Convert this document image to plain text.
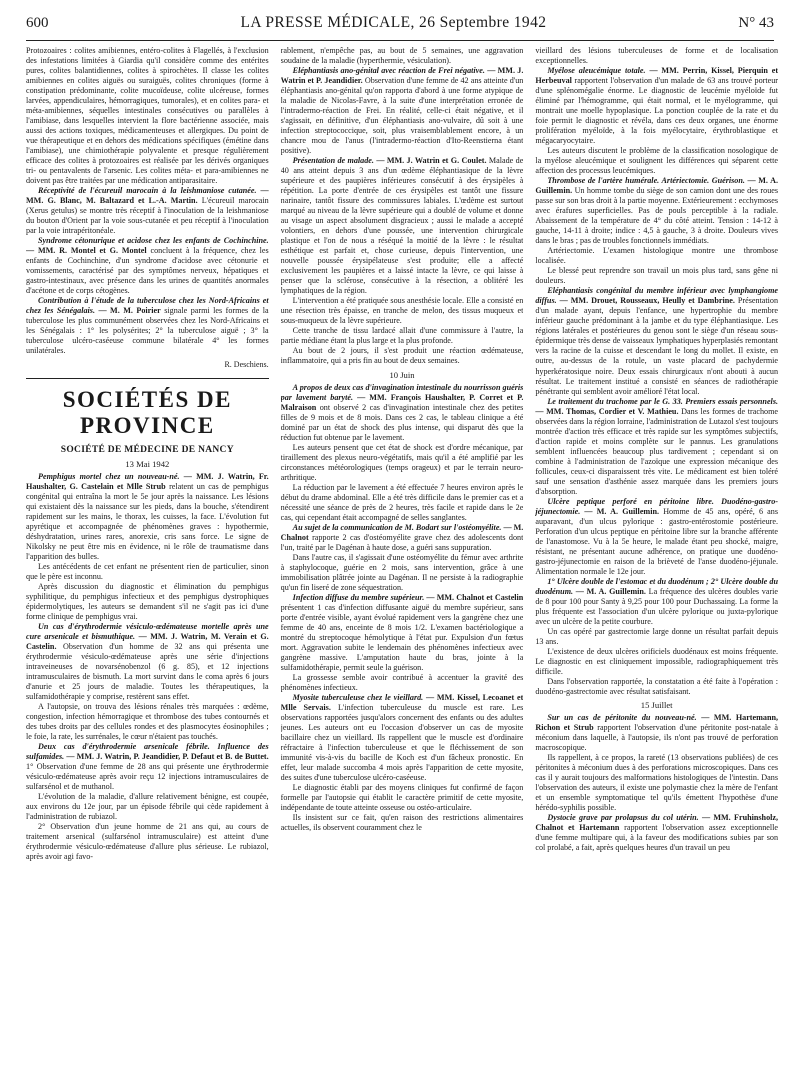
600	LA PRESSE MÉDICALE, 26 Septembre 1942	N° 43

Protozoaires : colites amibiennes, entéro-colites à Flagellés, à l'exclusion des infestations limitées à Giardia qu'il considère comme des entérites pures, colites balantidiennes, colites à spirochètes. Il classe les colites amibiennes en colites aiguës ou suraiguës, colites chroniques (forme à constipation prédominante, colite mucoïdeuse, colite ulcéreuse, formes larvées, appendiculaires, hémorragiques, tumorales), et en colites para- et méta-amibiennes, séquelles intestinales consécutives ou parallèles à l'amibiase, dans lesquelles intervient la flore bactérienne associée, mais aussi des actions toxiques, médicamenteuses et allergiques. Du point de vue thérapeutique et en dehors des médications spécifiques (émétine dans l'amibiase), une chimiothérapie polyvalente et presque régulièrement efficace des colites à protozoaires est réalisée par les dérivés organiques tri- ou pentavalents de l'arsenic. Les colites méta- et para-amibiennes ne doivent pas être traitées par une médication antiparasitaire.

Réceptivité de l'écureuil marocain à la leishmaniose cutanée. — MM. G. Blanc, M. Baltazard et L.-A. Martin. L'écureuil marocain (Xerus getulus) se montre très réceptif à l'inoculation de la leishmaniose du bouton d'Orient par la voie sous-cutanée et peu réceptif à l'inoculation par la voie intrapéritonéale.

Syndrome cétonurique et acidose chez les enfants de Cochinchine. — MM. R. Montel et G. Montel concluent à la fréquence, chez les enfants de Cochinchine, d'un syndrome d'acidose avec cétonurie et vomissements, caractérisé par des symptômes nerveux, hépatiques et gastro-intestinaux, avec présence dans les urines de quantités anormales d'acétone et de corps cétogènes.

Contribution à l'étude de la tuberculose chez les Nord-Africains et chez les Sénégalais. — M. M. Poirier signale parmi les formes de la tuberculose les plus communément observées chez les Nord-Africains et les Sénégalais : 1° les polysérites; 2° la tuberculose aiguë ; 3° la tuberculose ulcéro-caséeuse commune bilatérale 4° les formes unilatérales.

R. Deschiens.

SOCIÉTÉS DE PROVINCE
SOCIÉTÉ DE MÉDECINE DE NANCY
13 Mai 1942

Pemphigus mortel chez un nouveau-né. — MM. J. Watrin, Fr. Haushalter, G. Castelain et Mlle Strub relatent un cas de pemphigus congénital qui entraîna la mort le 5e jour après la naissance. Les lésions qui existaient dès la naissance sur les pieds, dans la bouche, s'étendirent rapidement sur les mains, le thorax, les cuisses, la face. L'évolution fut apyrétique et accompagnée de phénomènes graves : hypothermie, déshydratation, urines rares, anorexie, cris sans force. Le signe de Nikolsky ne peut être mis en évidence, ni le rôle de traumatisme dans l'apparition des bulles.

Les antécédents de cet enfant ne présentent rien de particulier, sinon que le père est inconnu.

Après discussion du diagnostic et élimination du pemphigus syphilitique, du pemphigus infectieux et des pemphigus dystrophiques épidermolytiques, les auteurs se demandent s'il ne s'agit pas ici d'une forme clinique de pemphigus vrai.

Un cas d'érythrodermie vésiculo-œdémateuse mortelle après une cure arsenicale et bismuthique. — MM. J. Watrin, M. Verain et G. Castelin. Observation d'un homme de 32 ans qui présenta une érythrodermie vésiculo-œdémateuse après une série d'injections intraveineuses de novarsénobenzol (6 g. 85), et 12 injections intramusculaires de bismuth. La mort survint dans le coma après 6 jours d'anurie et 25 jours de maladie. Toutes les thérapeutiques, la sulfamidothérapie y comprise, restèrent sans effet.

A l'autopsie, on trouva des lésions rénales très marquées : œdème, congestion, infection hémorragique et thrombose des tubes contournés et des tubes droits par des cellules rondes et des plasmocytes éosinophiles ; le foie, la rate, les surrénales, le cœur n'étaient pas touchés.

Deux cas d'érythrodermie arsenicale fébrile. Influence des sulfamides. — MM. J. Watrin, P. Jeandidier, P. Defaut et B. de Buttet. 1° Observation d'une femme de 28 ans qui présente une érythrodermie vésiculo-œdémateuse après avoir reçu 12 injections intramusculaires de sulfarsénol et de muthanol.

L'évolution de la maladie, d'allure relativement bénigne, est coupée, aux environs du 12e jour, par un épisode fébrile qui cède rapidement à l'administration de rubiazol.

2° Observation d'un jeune homme de 21 ans qui, au cours de traitement arsenical (sulfarsénol intramusculaire) est atteint d'une érythrodermie vésiculo-œdémateuse d'allure plus sérieuse. Le rubiazol, après avoir agi favo-

rablement, n'empêche pas, au bout de 5 semaines, une aggravation soudaine de la maladie (hyperthermie, vésiculation).

Eléphantiasis ano-génital avec réaction de Frei négative. — MM. J. Watrin et P. Jeandidier. Observation d'une femme de 42 ans atteinte d'un éléphantiasis ano-génital qu'on rapporta d'abord à une forme atypique de la maladie de Nicolas-Favre, à la suite d'une interprétation erronée de l'intradermo-réaction de Frei. En réalité, celle-ci était négative, et il s'agissait, en définitive, d'un éléphantiasis ano-vulvaire, dû soit à une infection streptococcique, soit, plus vraisemblablement encore, à un chancre mou de l'anus (l'intradermo-réaction d'Ito-Reenstierna étant positive).

Présentation de malade. — MM. J. Watrin et G. Coulet. Malade de 40 ans atteint depuis 3 ans d'un œdème éléphantiasique de la lèvre supérieure et des paupières inférieures consécutif à des érysipèles à répétition. La porte d'entrée de ces érysipèles est tantôt une fissure narinaire, tantôt fissure des commissures labiales. L'œdème est surtout marqué au niveau de la lèvre supérieure qui a doublé de volume et donne au visage un aspect absolument disgracieux ; aussi le malade a accepté volontiers, en dehors d'une poussée, une intervention chirurgicale plastique et l'on de nous a réséqué la moitié de la lèvre : le résultat esthétique est parfait et, chose curieuse, depuis l'intervention, une nouvelle poussée érysipélateuse s'est produite; elle a affecté exclusivement les paupières et a laissé intacte la lèvre, ce qui laisse à penser que la sclérose, consécutive à la résection, a oblitéré les lymphatiques de la région.

L'intervention a été pratiquée sous anesthésie locale. Elle a consisté en une résection très épaisse, en tranche de melon, des tissus muqueux et sous-muqueux de la lèvre supérieure.

Cette tranche de tissu lardacé allait d'une commissure à l'autre, la partie médiane étant la plus large et la plus profonde.

Au bout de 2 jours, il s'est produit une réaction œdémateuse, inflammatoire, qui a pris fin au bout de deux semaines.

10 Juin

A propos de deux cas d'invagination intestinale du nourrisson guéris par lavement baryté. — MM. François Haushalter, P. Corret et P. Malraison ont observé 2 cas d'invagination intestinale chez des petites filles de 9 mois et de 8 mois. Dans ces 2 cas, le tableau clinique a été dominé par un état de shock des plus intense, qui disparut dès que la réduction fut obtenue par le lavement.

Les auteurs pensent que cet état de shock est d'ordre mécanique, par tiraillement des plexus neuro-végétatifs, mais qu'il a été amplifié par les circonstances météorologiques (temps orageux) et par le terrain neuro-arthritique.

La réduction par le lavement a été effectuée 7 heures environ après le début du drame abdominal. Elle a été très difficile dans le premier cas et a nécessité une séance de près de 2 heures, très facile et rapide dans le 2e cas, qui cependant était accompagné de selles sanglantes.

Au sujet de la communication de M. Bodart sur l'ostéomyélite. — M. Chalnot rapporte 2 cas d'ostéomyélite grave chez des adolescents dont l'un, traité par le Dagénan à haute dose, a guéri sans suppuration.

Dans l'autre cas, il s'agissait d'une ostéomyélite du fémur avec arthrite à staphylocoque, guérie en 2 mois, sans intervention, grâce à une immobilisation plâtrée jointe au Dagénan. Il ne persiste à la radiographie qu'un fin liseré de zone séquestration.

Infection diffuse du membre supérieur. — MM. Chalnot et Castelin présentent 1 cas d'infection diffusante aiguë du membre supérieur, sans porte d'entrée visible, ayant évolué rapidement vers la gangrène chez une femme de 40 ans, enceinte de 8 mois 1/2. L'examen bactériologique a montré du streptocoque hémolytique à l'état pur. Expulsion d'un fœtus mort. Aggravation subite le lendemain des phénomènes infectieux avec gangrène massive. L'amputation haute du bras, jointe à la sulfamidothérapie, permit seule la guérison.

La grossesse semble avoir contribué à accentuer la gravité des phénomènes infectieux.

Myosite tuberculeuse chez le vieillard. — MM. Kissel, Lecoanet et Mlle Servais. L'infection tuberculeuse du muscle est rare. Les observations rapportées jusqu'alors concernent des enfants ou des adultes jeunes. Les auteurs ont eu l'occasion d'observer un cas de myosite bacillaire chez un vieillard. Ils rappellent que le muscle est d'ordinaire réfractaire à l'infection tuberculeuse et que le fléchissement de son immunité vis-à-vis du bacille de Koch est d'un fâcheux pronostic. En effet, leur malade succomba 4 mois après l'apparition de cette myosite, des suites d'une tuberculose ulcéro-caséeuse.

Le diagnostic établi par des moyens cliniques fut confirmé de façon formelle par l'autopsie qui établit le caractère primitif de cette myosite, indépendante de toute atteinte osseuse ou ostéo-articulaire.

Ils insistent sur ce fait, qu'en raison des restrictions alimentaires actuelles, ils observent couramment chez le

vieillard des lésions tuberculeuses de forme et de localisation exceptionnelles.

Myélose aleucémique totale. — MM. Perrin, Kissel, Pierquin et Herbeuval rapportent l'observation d'un malade de 63 ans trouvé porteur d'une splénomégalie énorme. Le diagnostic de leucémie myéloïde fut éliminé par l'hémogramme, qui était normal, et le myélogramme, qui montrait une moelle hypoplasique. La ponction couplée de la rate et du foie permit le diagnostic et révéla, dans ces deux organes, une énorme prolifération myéloïde, à la fois myélocytaire, érythroblastique et mégacaryocytaire.

Les auteurs discutent le problème de la classification nosologique de la myélose aleucémique et soulignent les différences qui séparent cette affection des processus leucémiques.

Thrombose de l'artère humérale. Artériectomie. Guérison. — M. A. Guillemin. Un homme tombe du siège de son camion dont une des roues passe sur son bras droit à la partie moyenne. Extérieurement : ecchymoses avec érafures superficielles. Pas de pouls perceptible à la radiale. Abaissement de la température de 4° du côté atteint. Tension : 14-12 à gauche, 14-11 à droite; indice : 4,5 à gauche, 3 à droite. Douleurs vives dans le bras ; pas de troubles fonctionnels immédiats.

Artériectomie. L'examen histologique montre une thrombose localisée.

Le blessé peut reprendre son travail un mois plus tard, sans gêne ni douleurs.

Eléphantiasis congénital du membre inférieur avec lymphangiome diffus. — MM. Drouet, Rousseaux, Heully et Dambrine. Présentation d'un malade ayant, depuis l'enfance, une hypertrophie du membre inférieur gauche prédominant à la jambe et du type éléphantiasique. Les régions latérales et postérieures du genou sont le siège d'un réseau sous-épidermique très dense de vaisseaux lymphatiques hyperplasiés remontant vers la racine de la cuisse et descendant le long du mollet. Il existe, en outre, au-dessus de la rotule, un vaste placard de pachydermie hyperkératosique noire. Deux essais chirurgicaux n'ont abouti à aucun résultat. Le traitement institué a consisté en séances de radiothérapie pénétrante qui semblent avoir amélioré l'état local.

Le traitement du trachome par le G. 33. Premiers essais personnels. — MM. Thomas, Cordier et V. Mathieu. Dans les formes de trachome observées dans la région lorraine, l'administration de Lutazol s'est toujours montrée d'action très efficace et très rapide sur les symptômes subjectifs, d'action rapide et moins complète sur le pannus. Les granulations semblent influencées beaucoup plus tardivement ; cependant si on combine à l'administration de l'azoïque une expression mécanique des follicules, ceux-ci disparaissent très vite. Le médicament est bien toléré sauf une sensation d'asthénie assez marquée dans les premiers jours d'absorption.

Ulcère peptique perforé en péritoine libre. Duodéno-gastro-jéjunectomie. — M. A. Guillemin. Homme de 45 ans, opéré, 6 ans auparavant, d'un ulcus pylorique : gastro-entérostomie postérieure. Perforation d'un ulcus peptique en péritoine libre sur la branche afférente de l'anastomose. Vu à la 5e heure, le malade étant peu shocké, maigre, résistant, ne présentant aucune adhérence, on pratique une duodéno-gastro-jéjunectomie en raison de la brièveté de l'anse duodéno-jéjunale. Alimentation normale le 12e jour.

1° Ulcère double de l'estomac et du duodénum ; 2° Ulcère double du duodénum. — M. A. Guillemin. La fréquence des ulcères doubles varie de 8 pour 100 pour Santy à 9,25 pour 100 pour Duchassaing. La forme la plus fréquente est l'association d'un ulcère pylorique ou juxta-pylorique avec un ulcère de la petite courbure.

Un cas opéré par gastrectomie large donne un résultat parfait depuis 13 ans.

L'existence de deux ulcères orificiels duodénaux est moins fréquente. Le diagnostic en est cliniquement impossible, radiographiquement très difficile.

Dans l'observation rapportée, la constatation a été faite à l'opération : duodéno-gastrectomie avec résultat satisfaisant.

15 Juillet

Sur un cas de péritonite du nouveau-né. — MM. Hartemann, Richon et Strub rapportent l'observation d'une péritonite post-natale à méconium dans laquelle, à l'autopsie, ils n'ont pas trouvé de perforation macroscopique.

Ils rappellent, à ce propos, la rareté (13 observations publiées) de ces péritonites à méconium dues à des perforations microscopiques. Dans ces cas il y aurait toujours des malformations histologiques de l'intestin. Dans l'observation des auteurs, il existe une polymastie chez la mère de l'enfant et un ensemble symptomatique tel qu'ils émettent l'hypothèse d'une hérédo-syphilis possible.

Dystocie grave par prolapsus du col utérin. — MM. Fruhinsholz, Chalnot et Hartemann rapportent l'observation assez exceptionnelle d'une femme multipare qui, à la faveur des modifications subies par son col prolabé, a fait, après quelques heures d'un travail un peu
